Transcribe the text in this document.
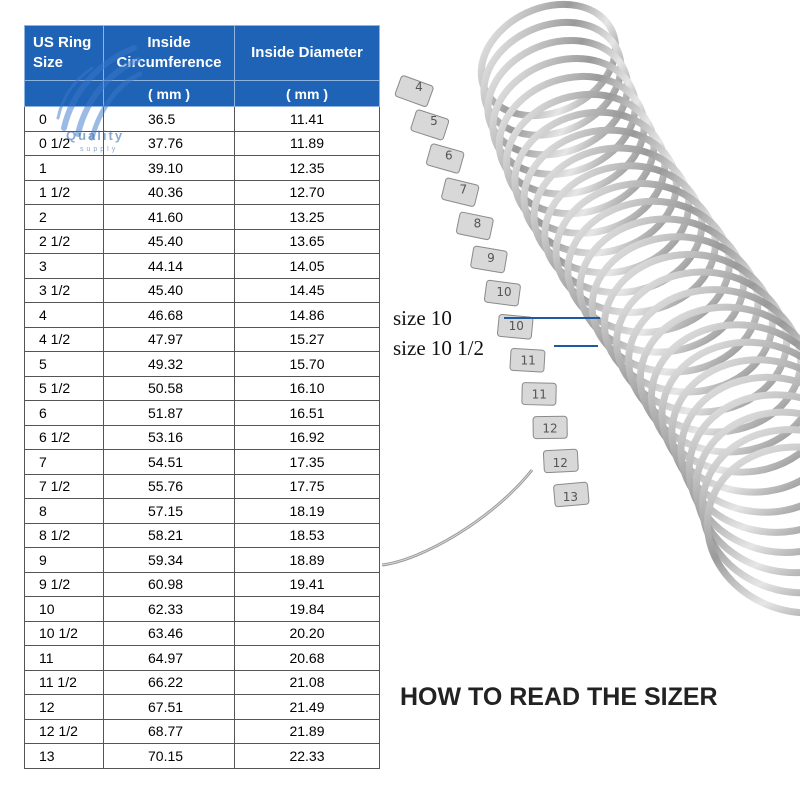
US Ring Size	Inside Circumference	Inside Diameter
	( mm )	( mm )
0	36.5	11.41
0 1/2	37.76	11.89
1	39.10	12.35
1 1/2	40.36	12.70
2	41.60	13.25
2 1/2	45.40	13.65
3	44.14	14.05
3 1/2	45.40	14.45
4	46.68	14.86
4 1/2	47.97	15.27
5	49.32	15.70
5 1/2	50.58	16.10
6	51.87	16.51
6 1/2	53.16	16.92
7	54.51	17.35
7 1/2	55.76	17.75
8	57.15	18.19
8 1/2	58.21	18.53
9	59.34	18.89
9 1/2	60.98	19.41
10	62.33	19.84
10 1/2	63.46	20.20
11	64.97	20.68
11 1/2	66.22	21.08
12	67.51	21.49
12 1/2	68.77	21.89
13	70.15	22.33
Quality
supply
4
5
6
7
8
9
10
10
11
11
12
12
13
size 10
size 10 1/2
HOW TO READ THE SIZER
